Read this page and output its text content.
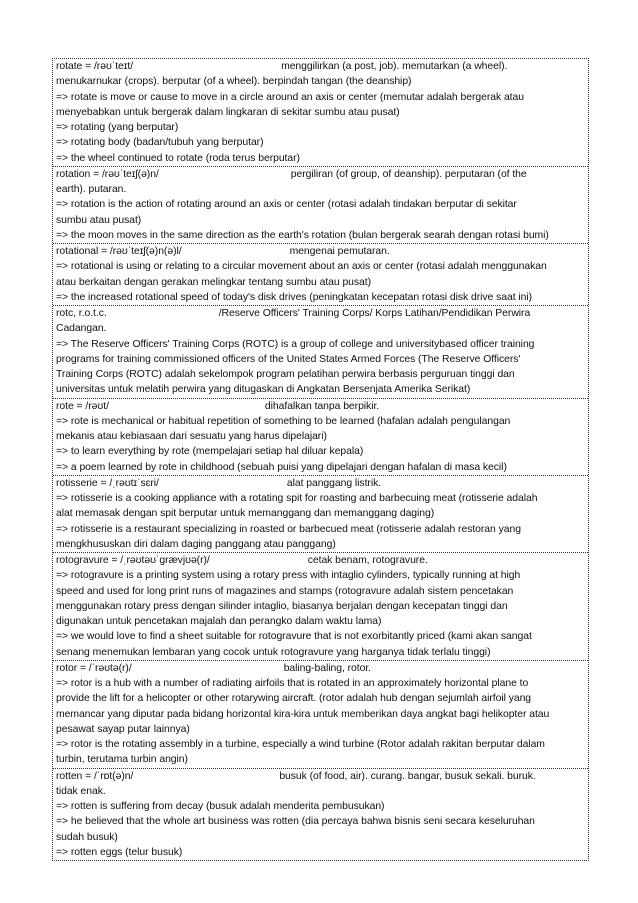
rotate = /rəʊˈteɪt/	menggilirkan (a post, job). memutarkan (a wheel).
menukarnukar (crops). berputar (of a wheel). berpindah tangan (the deanship)
=> rotate is move or cause to move in a circle around an axis or center (memutar adalah bergerak atau
menyebabkan untuk bergerak dalam lingkaran di sekitar sumbu atau pusat)
=> rotating (yang berputar)
=> rotating body (badan/tubuh yang berputar)
=> the wheel continued to rotate (roda terus berputar)
rotation = /rəʊˈteɪʃ(ə)n/	pergiliran (of group, of deanship). perputaran (of the
earth). putaran.
=> rotation is the action of rotating around an axis or center (rotasi adalah tindakan berputar di sekitar
sumbu atau pusat)
=> the moon moves in the same direction as the earth's rotation (bulan bergerak searah dengan rotasi bumi)
rotational = /rəʊˈteɪʃ(ə)n(ə)l/	mengenai pemutaran.
=> rotational is using or relating to a circular movement about an axis or center (rotasi adalah menggunakan
atau berkaitan dengan gerakan melingkar tentang sumbu atau pusat)
=> the increased rotational speed of today's disk drives (peningkatan kecepatan rotasi disk drive saat ini)
rotc, r.o.t.c.	/Reserve Officers' Training Corps/ Korps Latihan/Pendidikan Perwira
Cadangan.
=> The Reserve Officers' Training Corps (ROTC) is a group of college and universitybased officer training
programs for training commissioned officers of the United States Armed Forces (The Reserve Officers'
Training Corps (ROTC) adalah sekelompok program pelatihan perwira berbasis perguruan tinggi dan
universitas untuk melatih perwira yang ditugaskan di Angkatan Bersenjata Amerika Serikat)
rote = /rəʊt/	dihafalkan tanpa berpikir.
=> rote is mechanical or habitual repetition of something to be learned (hafalan adalah pengulangan
mekanis atau kebiasaan dari sesuatu yang harus dipelajari)
=> to learn everything by rote (mempelajari setiap hal diluar kepala)
=> a poem learned by rote in childhood (sebuah puisi yang dipelajari dengan hafalan di masa kecil)
rotisserie = /ˌrəʊtɪˈsɛri/	alat panggang listrik.
=> rotisserie is a cooking appliance with a rotating spit for roasting and barbecuing meat (rotisserie adalah
alat memasak dengan spit berputar untuk memanggang dan memanggang daging)
=> rotisserie is a restaurant specializing in roasted or barbecued meat (rotisserie adalah restoran yang
mengkhususkan diri dalam daging panggang atau panggang)
rotogravure = /ˌrəʊtəʊˈɡrævjʊə(r)/	cetak benam, rotogravure.
=> rotogravure is a printing system using a rotary press with intaglio cylinders, typically running at high
speed and used for long print runs of magazines and stamps (rotogravure adalah sistem pencetakan
menggunakan rotary press dengan silinder intaglio, biasanya berjalan dengan kecepatan tinggi dan
digunakan untuk pencetakan majalah dan perangko dalam waktu lama)
=> we would love to find a sheet suitable for rotogravure that is not exorbitantly priced (kami akan sangat
senang menemukan lembaran yang cocok untuk rotogravure yang harganya tidak terlalu tinggi)
rotor = /ˈrəʊtə(r)/	baling-baling, rotor.
=> rotor is a hub with a number of radiating airfoils that is rotated in an approximately horizontal plane to
provide the lift for a helicopter or other rotarywing aircraft. (rotor adalah hub dengan sejumlah airfoil yang
memancar yang diputar pada bidang horizontal kira-kira untuk memberikan daya angkat bagi helikopter atau
pesawat sayap putar lainnya)
=> rotor is the rotating assembly in a turbine, especially a wind turbine (Rotor adalah rakitan berputar dalam
turbin, terutama turbin angin)
rotten = /ˈrɒt(ə)n/	busuk (of food, air). curang. bangar, busuk sekali. buruk.
tidak enak.
=> rotten is suffering from decay (busuk adalah menderita pembusukan)
=> he believed that the whole art business was rotten (dia percaya bahwa bisnis seni secara keseluruhan
sudah busuk)
=> rotten eggs (telur busuk)
